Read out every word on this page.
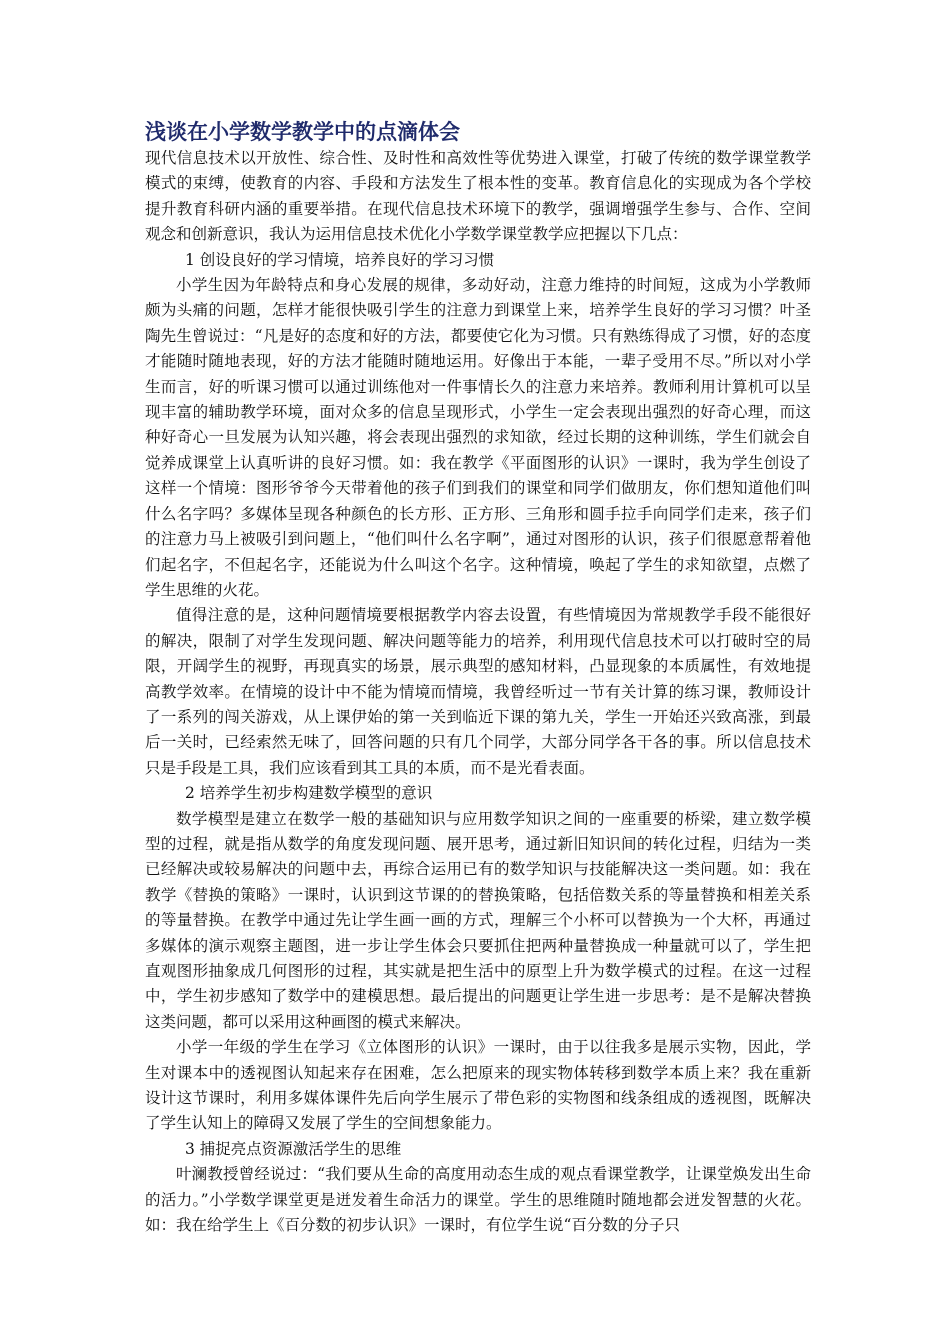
浅谈在小学数学教学中的点滴体会

现代信息技术以开放性、综合性、及时性和高效性等优势进入课堂，打破了传统的数学课堂教学模式的束缚，使教育的内容、手段和方法发生了根本性的变革。教育信息化的实现成为各个学校提升教育科研内涵的重要举措。在现代信息技术环境下的教学，强调增强学生参与、合作、空间观念和创新意识，我认为运用信息技术优化小学数学课堂教学应把握以下几点：

1 创设良好的学习情境，培养良好的学习习惯

小学生因为年龄特点和身心发展的规律，多动好动，注意力维持的时间短，这成为小学教师颇为头痛的问题，怎样才能很快吸引学生的注意力到课堂上来，培养学生良好的学习习惯？叶圣陶先生曾说过：“凡是好的态度和好的方法，都要使它化为习惯。只有熟练得成了习惯，好的态度才能随时随地表现，好的方法才能随时随地运用。好像出于本能，一辈子受用不尽。”所以对小学生而言，好的听课习惯可以通过训练他对一件事情长久的注意力来培养。教师利用计算机可以呈现丰富的辅助教学环境，面对众多的信息呈现形式，小学生一定会表现出强烈的好奇心理，而这种好奇心一旦发展为认知兴趣，将会表现出强烈的求知欲，经过长期的这种训练，学生们就会自觉养成课堂上认真听讲的良好习惯。如：我在教学《平面图形的认识》一课时，我为学生创设了这样一个情境：图形爷爷今天带着他的孩子们到我们的课堂和同学们做朋友，你们想知道他们叫什么名字吗？多媒体呈现各种颜色的长方形、正方形、三角形和圆手拉手向同学们走来，孩子们的注意力马上被吸引到问题上，“他们叫什么名字啊”，通过对图形的认识，孩子们很愿意帮着他们起名字，不但起名字，还能说为什么叫这个名字。这种情境，唤起了学生的求知欲望，点燃了学生思维的火花。

值得注意的是，这种问题情境要根据教学内容去设置，有些情境因为常规教学手段不能很好的解决，限制了对学生发现问题、解决问题等能力的培养，利用现代信息技术可以打破时空的局限，开阔学生的视野，再现真实的场景，展示典型的感知材料，凸显现象的本质属性，有效地提高教学效率。在情境的设计中不能为情境而情境，我曾经听过一节有关计算的练习课，教师设计了一系列的闯关游戏，从上课伊始的第一关到临近下课的第九关，学生一开始还兴致高涨，到最后一关时，已经索然无味了，回答问题的只有几个同学，大部分同学各干各的事。所以信息技术只是手段是工具，我们应该看到其工具的本质，而不是光看表面。

2 培养学生初步构建数学模型的意识

数学模型是建立在数学一般的基础知识与应用数学知识之间的一座重要的桥梁，建立数学模型的过程，就是指从数学的角度发现问题、展开思考，通过新旧知识间的转化过程，归结为一类已经解决或较易解决的问题中去，再综合运用已有的数学知识与技能解决这一类问题。如：我在教学《替换的策略》一课时，认识到这节课的的替换策略，包括倍数关系的等量替换和相差关系的等量替换。在教学中通过先让学生画一画的方式，理解三个小杯可以替换为一个大杯，再通过多媒体的演示观察主题图，进一步让学生体会只要抓住把两种量替换成一种量就可以了，学生把直观图形抽象成几何图形的过程，其实就是把生活中的原型上升为数学模式的过程。在这一过程中，学生初步感知了数学中的建模思想。最后提出的问题更让学生进一步思考：是不是解决替换这类问题，都可以采用这种画图的模式来解决。

小学一年级的学生在学习《立体图形的认识》一课时，由于以往我多是展示实物，因此，学生对课本中的透视图认知起来存在困难，怎么把原来的现实物体转移到数学本质上来？我在重新设计这节课时，利用多媒体课件先后向学生展示了带色彩的实物图和线条组成的透视图，既解决了学生认知上的障碍又发展了学生的空间想象能力。

3 捕捉亮点资源激活学生的思维

叶澜教授曾经说过：“我们要从生命的高度用动态生成的观点看课堂教学，让课堂焕发出生命的活力。”小学数学课堂更是迸发着生命活力的课堂。学生的思维随时随地都会迸发智慧的火花。如：我在给学生上《百分数的初步认识》一课时，有位学生说“百分数的分子只
